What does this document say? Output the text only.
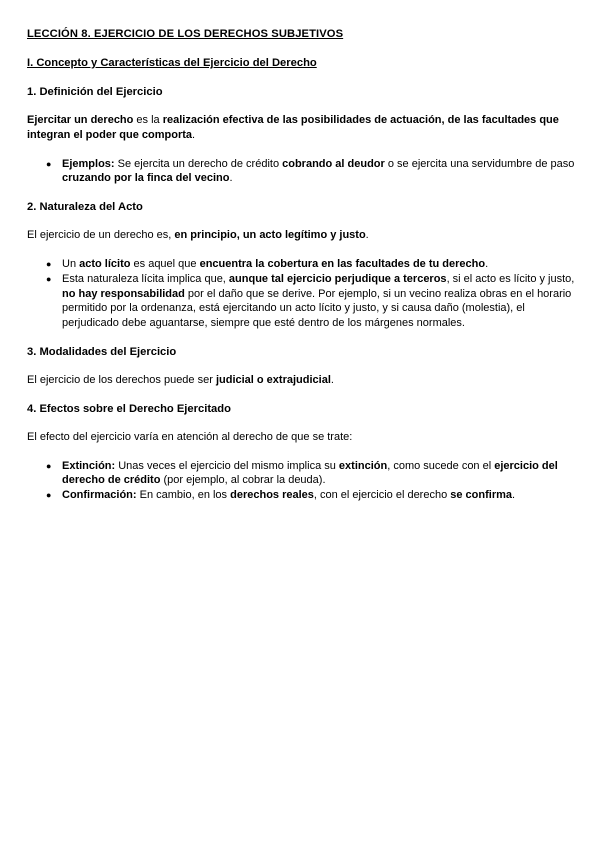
LECCIÓN 8. EJERCICIO DE LOS DERECHOS SUBJETIVOS
I. Concepto y Características del Ejercicio del Derecho
1. Definición del Ejercicio

Ejercitar un derecho es la realización efectiva de las posibilidades de actuación, de las facultades que integran el poder que comporta.

● Ejemplos: Se ejercita un derecho de crédito cobrando al deudor o se ejercita una servidumbre de paso cruzando por la finca del vecino.
2. Naturaleza del Acto

El ejercicio de un derecho es, en principio, un acto legítimo y justo.

● Un acto lícito es aquel que encuentra la cobertura en las facultades de tu derecho.
● Esta naturaleza lícita implica que, aunque tal ejercicio perjudique a terceros, si el acto es lícito y justo, no hay responsabilidad por el daño que se derive. Por ejemplo, si un vecino realiza obras en el horario permitido por la ordenanza, está ejercitando un acto lícito y justo, y si causa daño (molestia), el perjudicado debe aguantarse, siempre que esté dentro de los márgenes normales.
3. Modalidades del Ejercicio

El ejercicio de los derechos puede ser judicial o extrajudicial.

4. Efectos sobre el Derecho Ejercitado

El efecto del ejercicio varía en atención al derecho de que se trate:

● Extinción: Unas veces el ejercicio del mismo implica su extinción, como sucede con el ejercicio del derecho de crédito (por ejemplo, al cobrar la deuda).
● Confirmación: En cambio, en los derechos reales, con el ejercicio el derecho se confirma.
